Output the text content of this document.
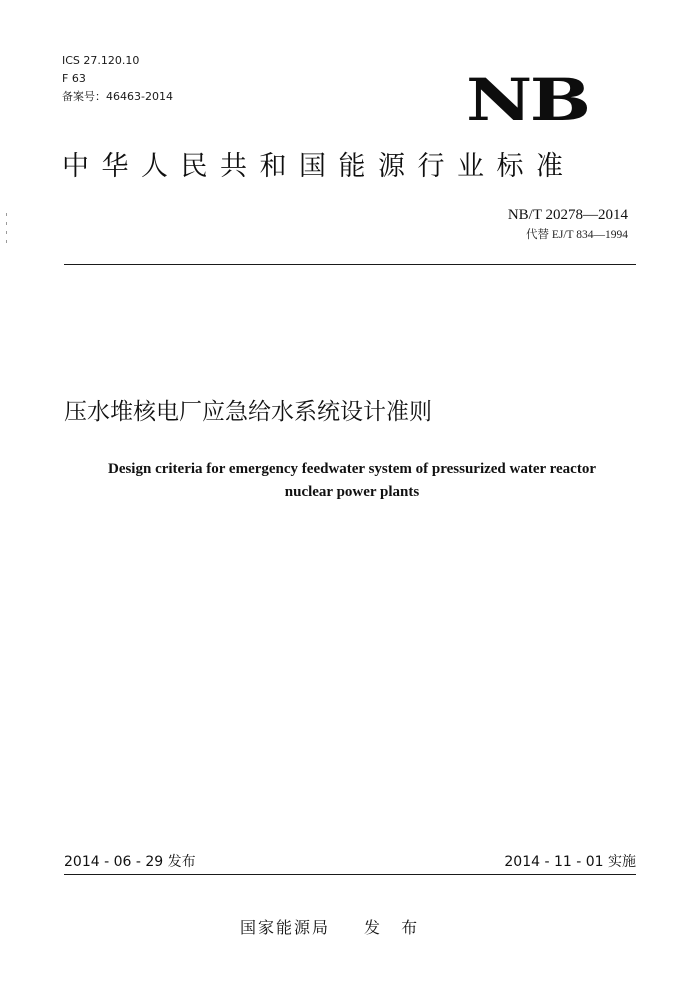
ICS 27.120.10
F 63
备案号：46463-2014	NB
中华人民共和国能源行业标准
NB/T 20278—2014
代替 EJ/T 834—1994
压水堆核电厂应急给水系统设计准则
Design criteria for emergency feedwater system of pressurized water reactor
nuclear power plants
2014 - 06 - 29 发布	2014 - 11 - 01 实施
国家能源局 发 布
